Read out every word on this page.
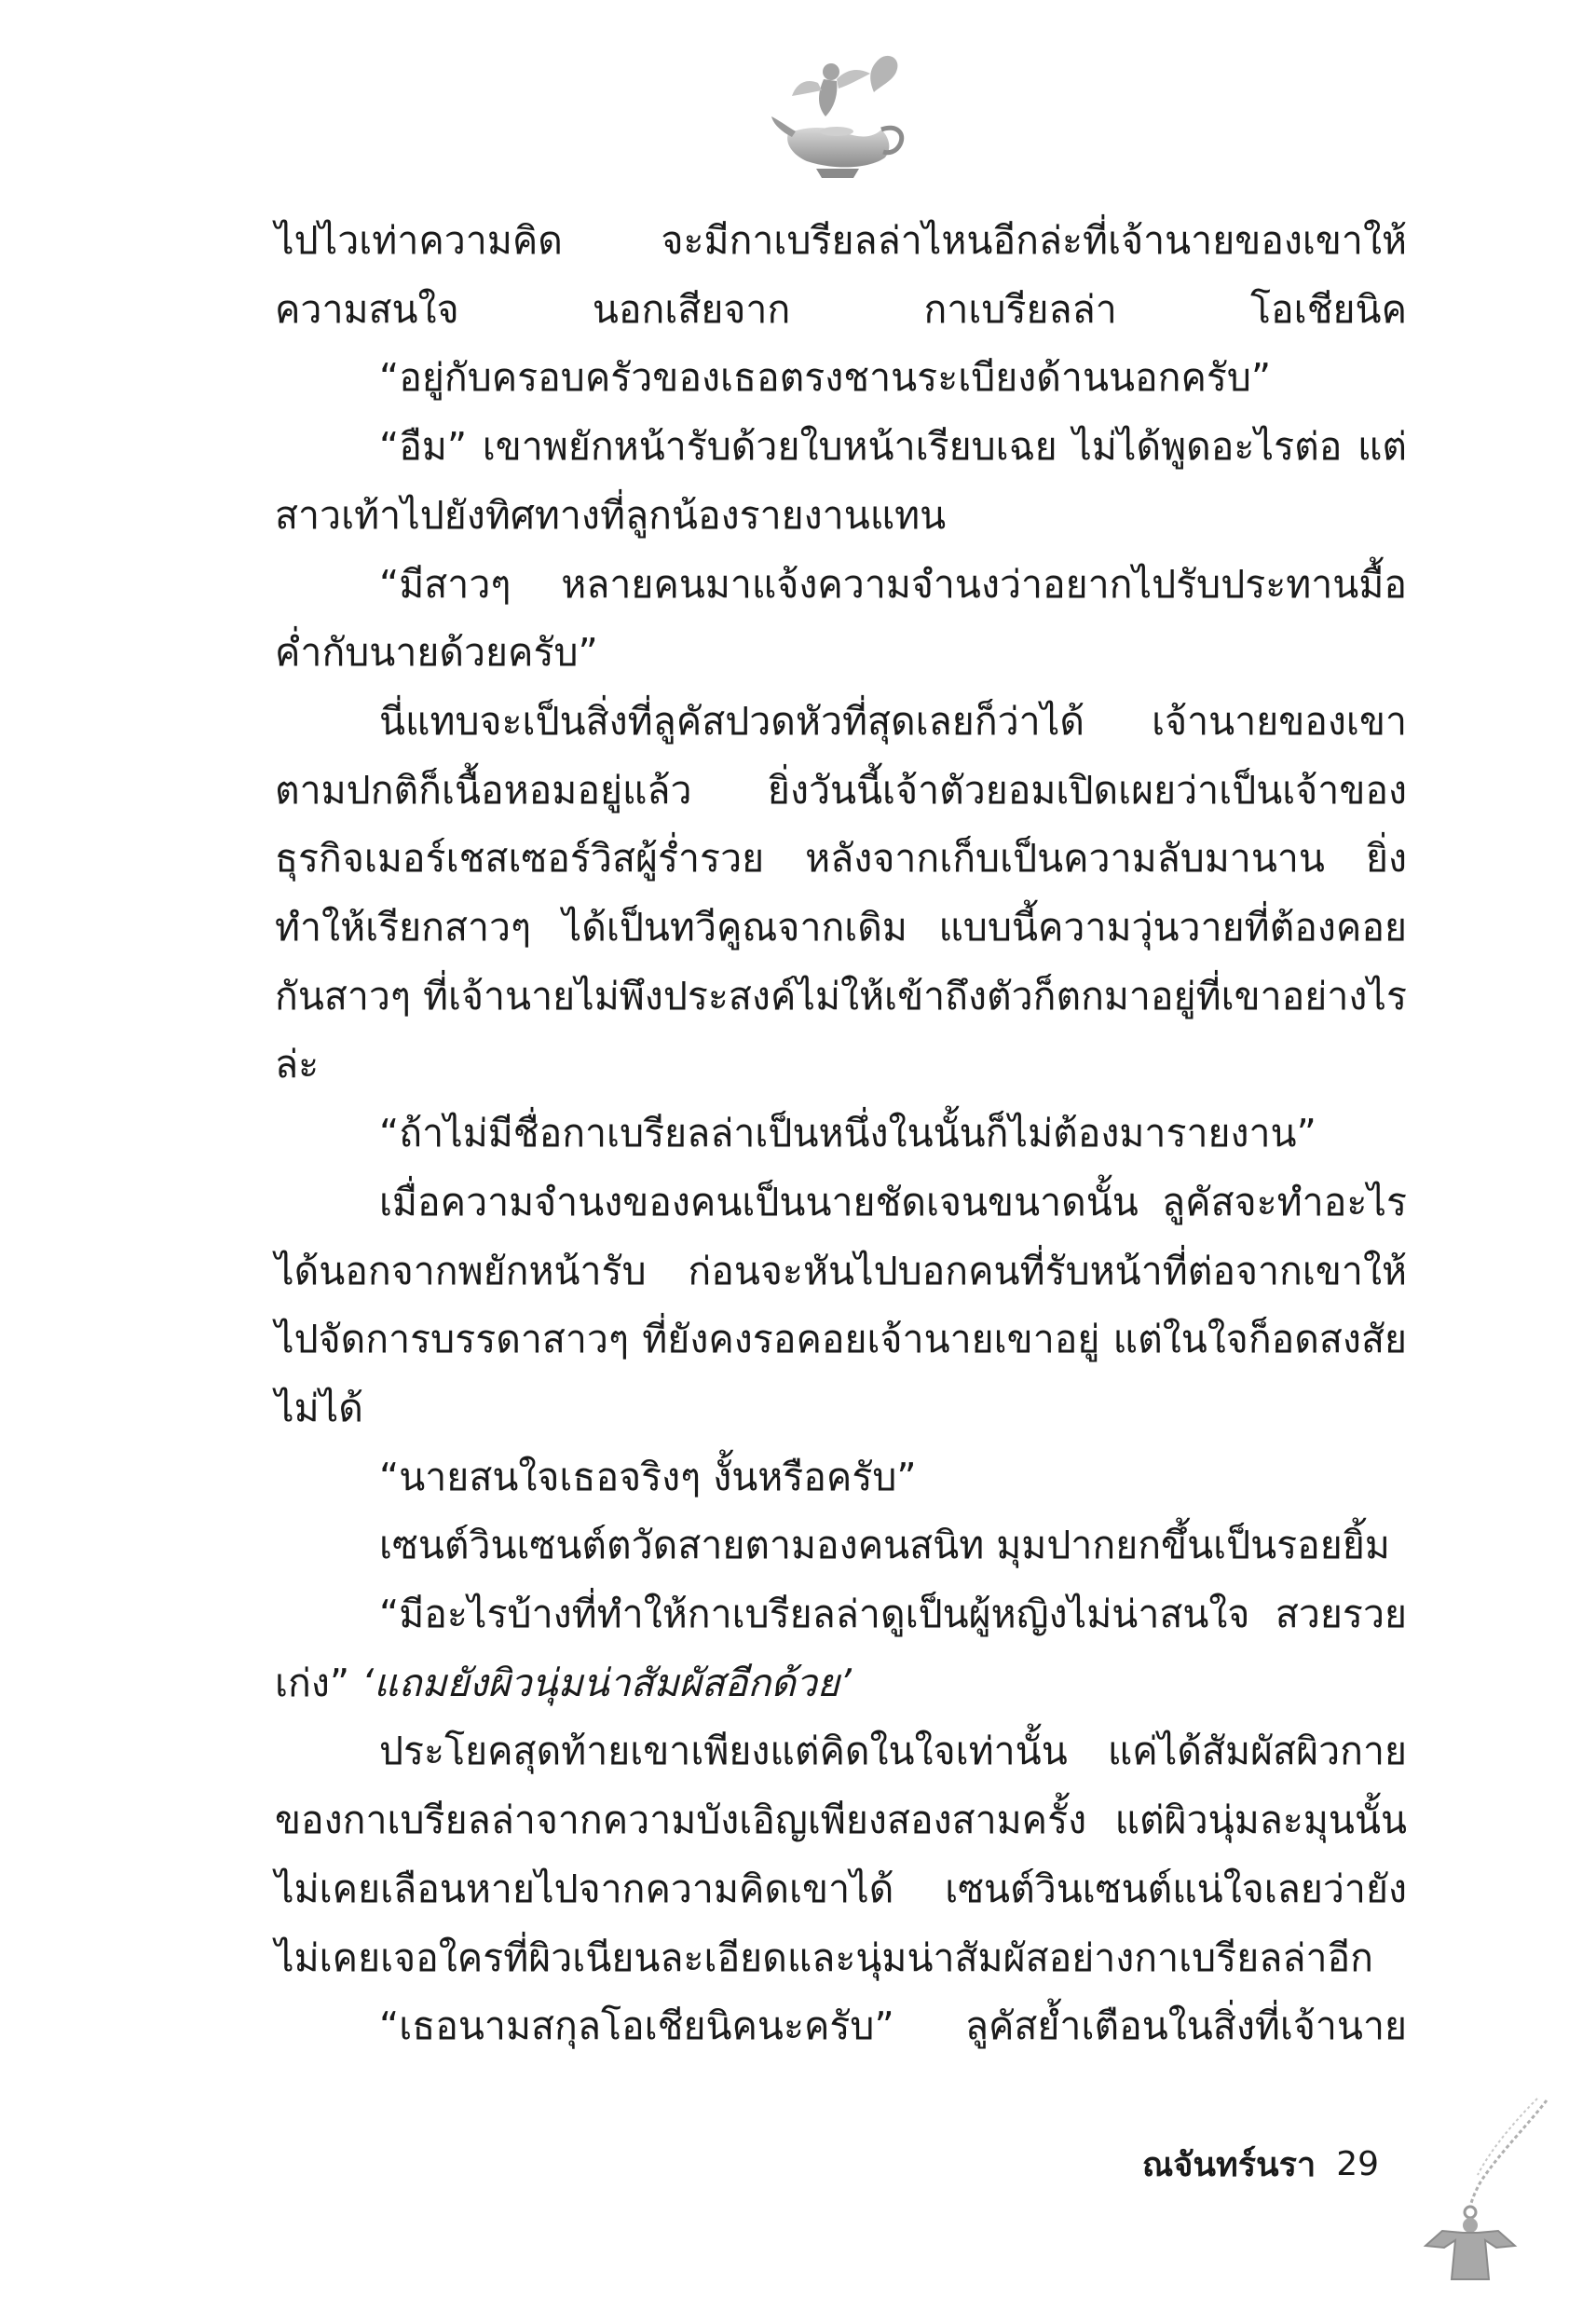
ไปไวเท่าความคิด จะมีกาเบรียลล่าไหนอีกล่ะที่เจ้านายของเขาให้ความสนใจ นอกเสียจาก กาเบรียลล่า โอเชียนิค

“อยู่กับครอบครัวของเธอตรงชานระเบียงด้านนอกครับ”

“อืม” เขาพยักหน้ารับด้วยใบหน้าเรียบเฉย ไม่ได้พูดอะไรต่อ แต่สาวเท้าไปยังทิศทางที่ลูกน้องรายงานแทน

“มีสาวๆ หลายคนมาแจ้งความจำนงว่าอยากไปรับประทานมื้อค่ำกับนายด้วยครับ”

นี่แทบจะเป็นสิ่งที่ลูคัสปวดหัวที่สุดเลยก็ว่าได้ เจ้านายของเขาตามปกติก็เนื้อหอมอยู่แล้ว ยิ่งวันนี้เจ้าตัวยอมเปิดเผยว่าเป็นเจ้าของธุรกิจเมอร์เชสเซอร์วิสผู้ร่ำรวย หลังจากเก็บเป็นความลับมานาน ยิ่งทำให้เรียกสาวๆ ได้เป็นทวีคูณจากเดิม แบบนี้ความวุ่นวายที่ต้องคอยกันสาวๆ ที่เจ้านายไม่พึงประสงค์ไม่ให้เข้าถึงตัวก็ตกมาอยู่ที่เขาอย่างไรล่ะ

“ถ้าไม่มีชื่อกาเบรียลล่าเป็นหนึ่งในนั้นก็ไม่ต้องมารายงาน”

เมื่อความจำนงของคนเป็นนายชัดเจนขนาดนั้น ลูคัสจะทำอะไรได้นอกจากพยักหน้ารับ ก่อนจะหันไปบอกคนที่รับหน้าที่ต่อจากเขาให้ไปจัดการบรรดาสาวๆ ที่ยังคงรอคอยเจ้านายเขาอยู่ แต่ในใจก็อดสงสัยไม่ได้

“นายสนใจเธอจริงๆ งั้นหรือครับ”

เซนต์วินเซนต์ตวัดสายตามองคนสนิท มุมปากยกขึ้นเป็นรอยยิ้ม

“มีอะไรบ้างที่ทำให้กาเบรียลล่าดูเป็นผู้หญิงไม่น่าสนใจ สวยรวย เก่ง” ‘แถมยังผิวนุ่มน่าสัมผัสอีกด้วย’

ประโยคสุดท้ายเขาเพียงแต่คิดในใจเท่านั้น แค่ได้สัมผัสผิวกายของกาเบรียลล่าจากความบังเอิญเพียงสองสามครั้ง แต่ผิวนุ่มละมุนนั้นไม่เคยเลือนหายไปจากความคิดเขาได้ เซนต์วินเซนต์แน่ใจเลยว่ายังไม่เคยเจอใครที่ผิวเนียนละเอียดและนุ่มน่าสัมผัสอย่างกาเบรียลล่าอีก

“เธอนามสกุลโอเชียนิคนะครับ” ลูคัสย้ำเตือนในสิ่งที่เจ้านาย

ณจันทร์นรา 29
